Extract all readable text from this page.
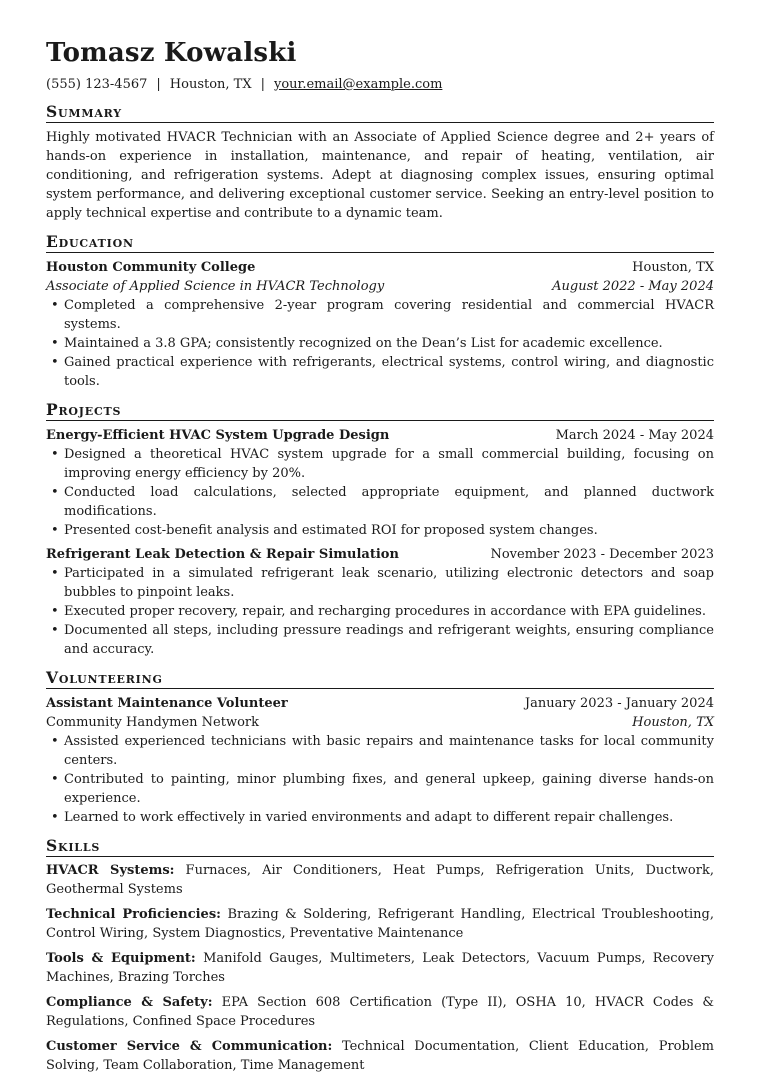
Tomasz Kowalski
(555) 123-4567 | Houston, TX | your.email@example.com
Summary
Highly motivated HVACR Technician with an Associate of Applied Science degree and 2+ years of hands-on experience in installation, maintenance, and repair of heating, ventilation, air conditioning, and refrigeration systems. Adept at diagnosing complex issues, ensuring optimal system performance, and delivering exceptional customer service. Seeking an entry-level position to apply technical expertise and contribute to a dynamic team.
Education
Houston Community College	Houston, TX
Associate of Applied Science in HVACR Technology	August 2022 - May 2024
• Completed a comprehensive 2-year program covering residential and commercial HVACR systems.
• Maintained a 3.8 GPA; consistently recognized on the Dean’s List for academic excellence.
• Gained practical experience with refrigerants, electrical systems, control wiring, and diagnostic tools.
Projects
Energy-Efficient HVAC System Upgrade Design	March 2024 - May 2024
• Designed a theoretical HVAC system upgrade for a small commercial building, focusing on improving energy efficiency by 20%.
• Conducted load calculations, selected appropriate equipment, and planned ductwork modifications.
• Presented cost-benefit analysis and estimated ROI for proposed system changes.
Refrigerant Leak Detection & Repair Simulation	November 2023 - December 2023
• Participated in a simulated refrigerant leak scenario, utilizing electronic detectors and soap bubbles to pinpoint leaks.
• Executed proper recovery, repair, and recharging procedures in accordance with EPA guidelines.
• Documented all steps, including pressure readings and refrigerant weights, ensuring compliance and accuracy.
Volunteering
Assistant Maintenance Volunteer	January 2023 - January 2024
Community Handymen Network	Houston, TX
• Assisted experienced technicians with basic repairs and maintenance tasks for local community centers.
• Contributed to painting, minor plumbing fixes, and general upkeep, gaining diverse hands-on experience.
• Learned to work effectively in varied environments and adapt to different repair challenges.
Skills
HVACR Systems: Furnaces, Air Conditioners, Heat Pumps, Refrigeration Units, Ductwork, Geothermal Systems
Technical Proficiencies: Brazing & Soldering, Refrigerant Handling, Electrical Troubleshooting, Control Wiring, System Diagnostics, Preventative Maintenance
Tools & Equipment: Manifold Gauges, Multimeters, Leak Detectors, Vacuum Pumps, Recovery Machines, Brazing Torches
Compliance & Safety: EPA Section 608 Certification (Type II), OSHA 10, HVACR Codes & Regulations, Confined Space Procedures
Customer Service & Communication: Technical Documentation, Client Education, Problem Solving, Team Collaboration, Time Management
